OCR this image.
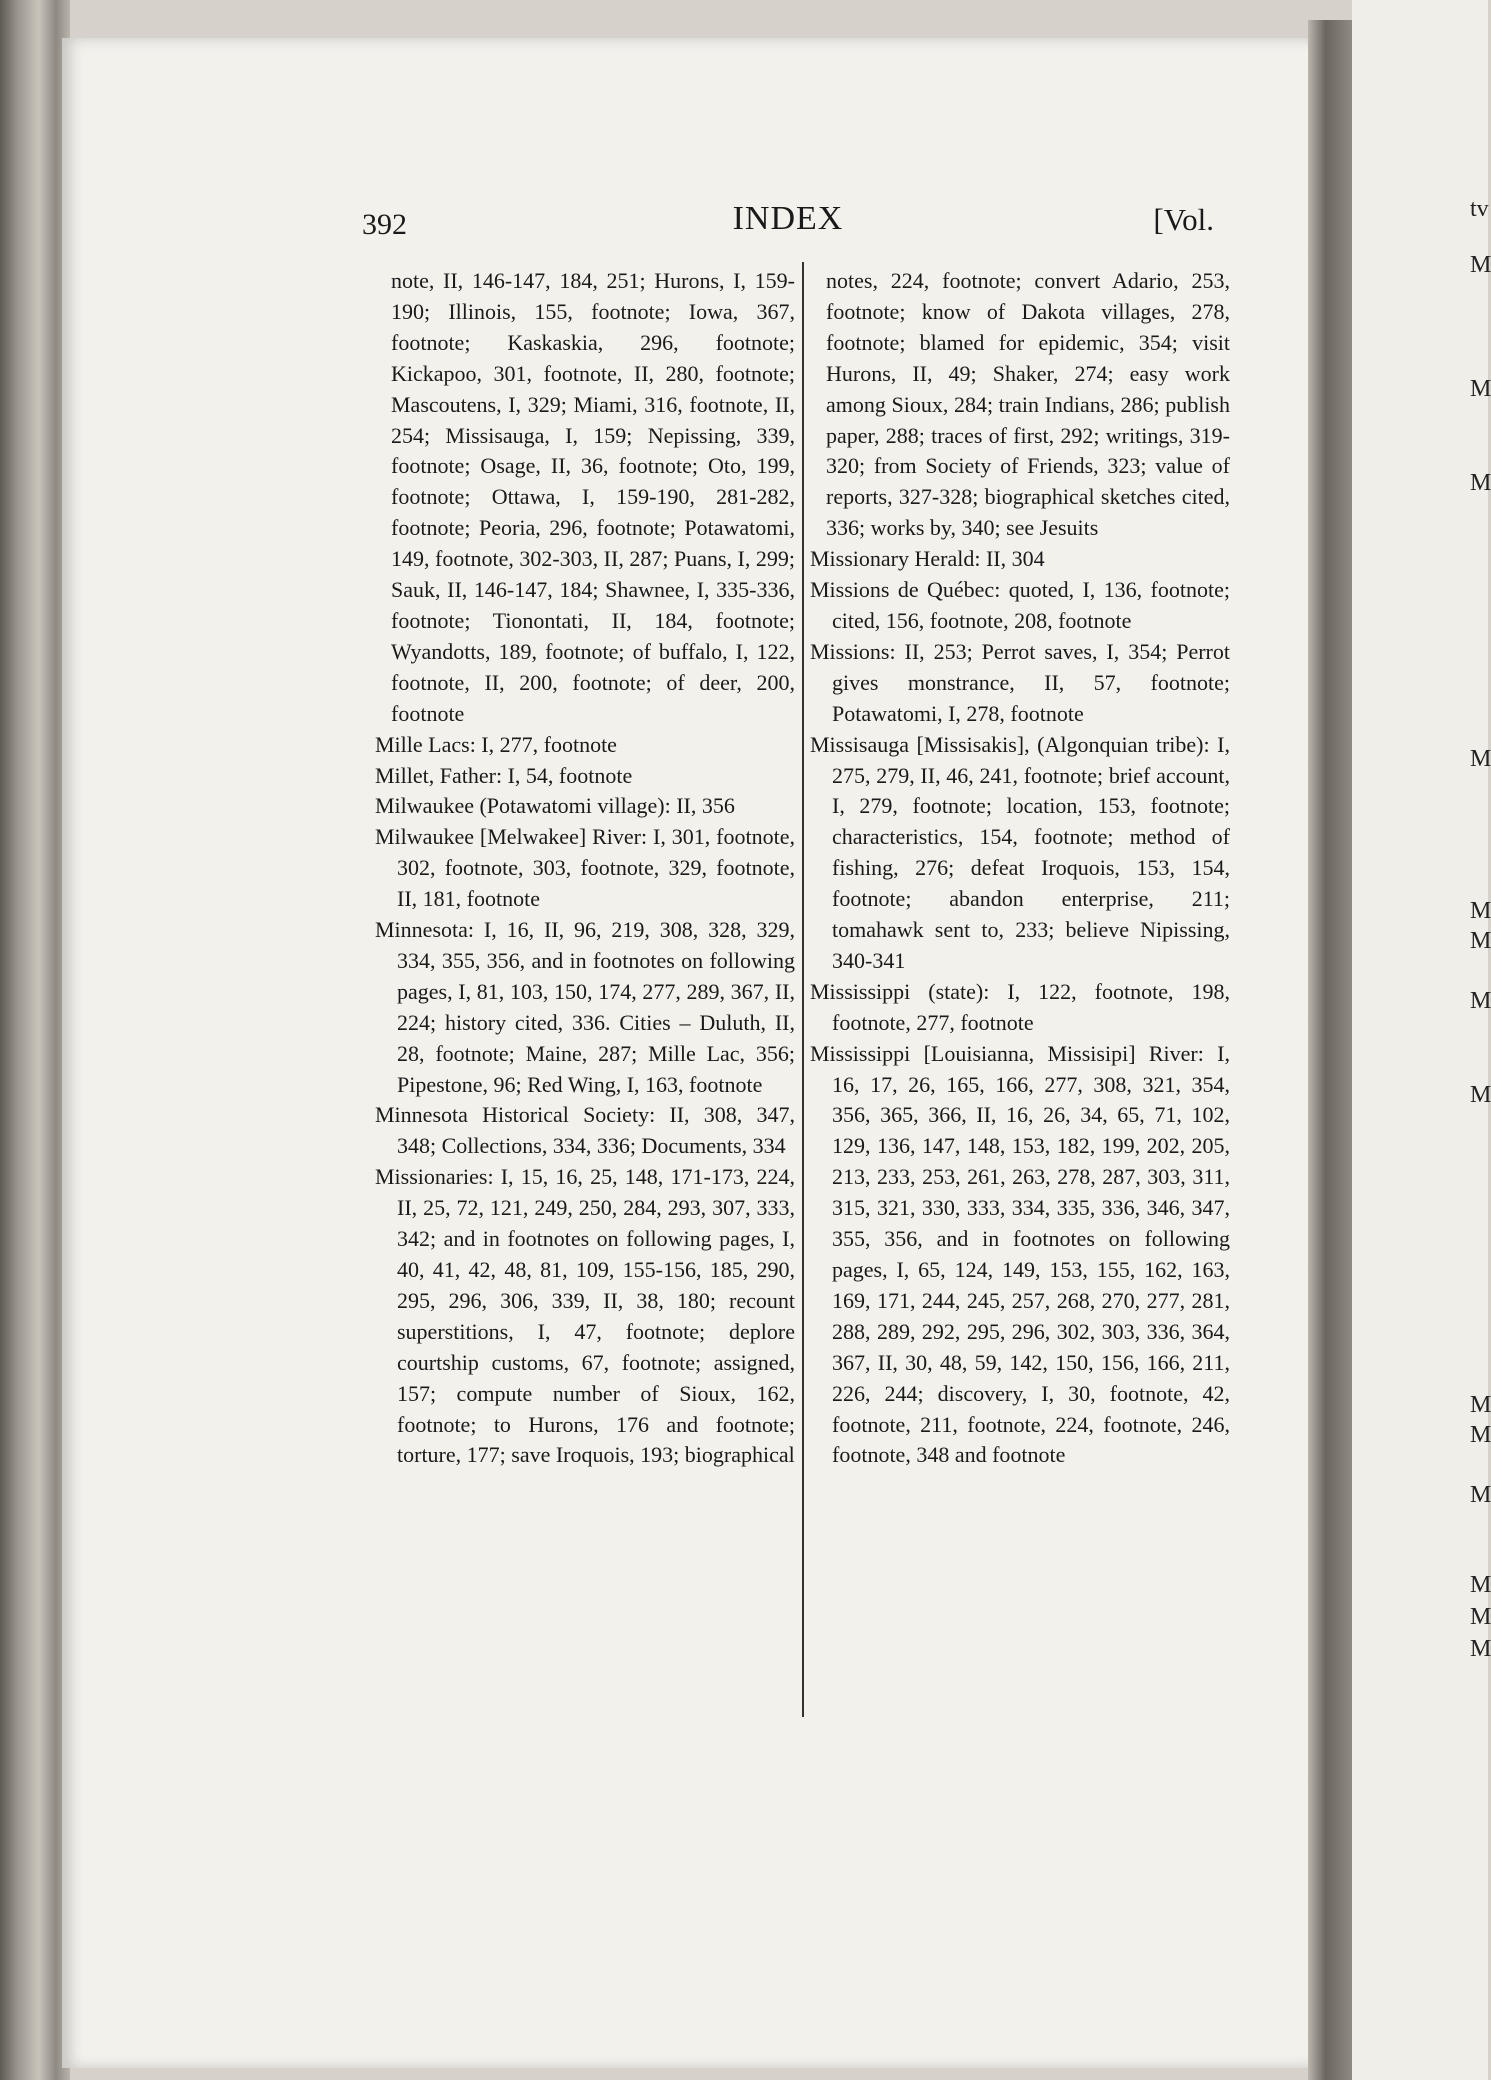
392	INDEX	[Vol.

note, II, 146-147, 184, 251; Hurons, I, 159-190; Illinois, 155, footnote; Iowa, 367, footnote; Kaskaskia, 296, footnote; Kickapoo, 301, footnote, II, 280, footnote; Mascoutens, I, 329; Miami, 316, footnote, II, 254; Missisauga, I, 159; Nepissing, 339, footnote; Osage, II, 36, footnote; Oto, 199, footnote; Ottawa, I, 159-190, 281-282, footnote; Peoria, 296, footnote; Potawatomi, 149, footnote, 302-303, II, 287; Puans, I, 299; Sauk, II, 146-147, 184; Shawnee, I, 335-336, footnote; Tionontati, II, 184, footnote; Wyandotts, 189, footnote; of buffalo, I, 122, footnote, II, 200, footnote; of deer, 200, footnote

Mille Lacs: I, 277, footnote

Millet, Father: I, 54, footnote

Milwaukee (Potawatomi village): II, 356

Milwaukee [Melwakee] River: I, 301, footnote, 302, footnote, 303, footnote, 329, footnote, II, 181, footnote

Minnesota: I, 16, II, 96, 219, 308, 328, 329, 334, 355, 356, and in footnotes on following pages, I, 81, 103, 150, 174, 277, 289, 367, II, 224; history cited, 336. Cities – Duluth, II, 28, footnote; Maine, 287; Mille Lac, 356; Pipestone, 96; Red Wing, I, 163, footnote

Minnesota Historical Society: II, 308, 347, 348; Collections, 334, 336; Documents, 334

Missionaries: I, 15, 16, 25, 148, 171-173, 224, II, 25, 72, 121, 249, 250, 284, 293, 307, 333, 342; and in footnotes on following pages, I, 40, 41, 42, 48, 81, 109, 155-156, 185, 290, 295, 296, 306, 339, II, 38, 180; recount superstitions, I, 47, footnote; deplore courtship customs, 67, footnote; assigned, 157; compute number of Sioux, 162, footnote; to Hurons, 176 and footnote; torture, 177; save Iroquois, 193; biographical

notes, 224, footnote; convert Adario, 253, footnote; know of Dakota villages, 278, footnote; blamed for epidemic, 354; visit Hurons, II, 49; Shaker, 274; easy work among Sioux, 284; train Indians, 286; publish paper, 288; traces of first, 292; writings, 319-320; from Society of Friends, 323; value of reports, 327-328; biographical sketches cited, 336; works by, 340; see Jesuits

Missionary Herald: II, 304

Missions de Québec: quoted, I, 136, footnote; cited, 156, footnote, 208, footnote

Missions: II, 253; Perrot saves, I, 354; Perrot gives monstrance, II, 57, footnote; Potawatomi, I, 278, footnote

Missisauga [Missisakis], (Algonquian tribe): I, 275, 279, II, 46, 241, footnote; brief account, I, 279, footnote; location, 153, footnote; characteristics, 154, footnote; method of fishing, 276; defeat Iroquois, 153, 154, footnote; abandon enterprise, 211; tomahawk sent to, 233; believe Nipissing, 340-341

Mississippi (state): I, 122, footnote, 198, footnote, 277, footnote

Mississippi [Louisianna, Missisipi] River: I, 16, 17, 26, 165, 166, 277, 308, 321, 354, 356, 365, 366, II, 16, 26, 34, 65, 71, 102, 129, 136, 147, 148, 153, 182, 199, 202, 205, 213, 233, 253, 261, 263, 278, 287, 303, 311, 315, 321, 330, 333, 334, 335, 336, 346, 347, 355, 356, and in footnotes on following pages, I, 65, 124, 149, 153, 155, 162, 163, 169, 171, 244, 245, 257, 268, 270, 277, 281, 288, 289, 292, 295, 296, 302, 303, 336, 364, 367, II, 30, 48, 59, 142, 150, 156, 166, 211, 226, 244; discovery, I, 30, footnote, 42, footnote, 211, footnote, 224, footnote, 246, footnote, 348 and footnote

tv
M
M
M
M
M
M
M
M
M
M
M
M
M
M
